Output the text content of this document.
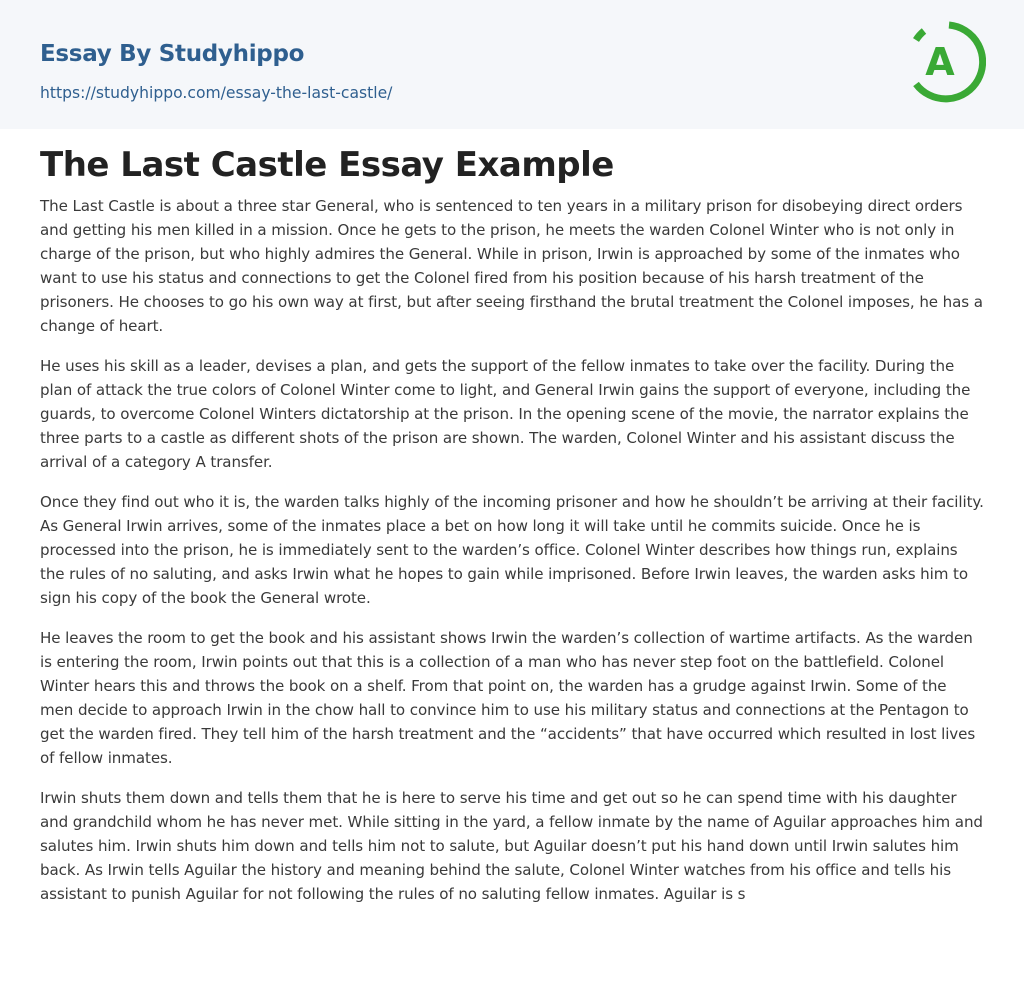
Essay By Studyhippo
https://studyhippo.com/essay-the-last-castle/
A
The Last Castle Essay Example

The Last Castle is about a three star General, who is sentenced to ten years in a military prison for disobeying direct orders and getting his men killed in a mission. Once he gets to the prison, he meets the warden Colonel Winter who is not only in charge of the prison, but who highly admires the General. While in prison, Irwin is approached by some of the inmates who want to use his status and connections to get the Colonel fired from his position because of his harsh treatment of the prisoners. He chooses to go his own way at first, but after seeing firsthand the brutal treatment the Colonel imposes, he has a change of heart.

He uses his skill as a leader, devises a plan, and gets the support of the fellow inmates to take over the facility. During the plan of attack the true colors of Colonel Winter come to light, and General Irwin gains the support of everyone, including the guards, to overcome Colonel Winters dictatorship at the prison. In the opening scene of the movie, the narrator explains the three parts to a castle as different shots of the prison are shown. The warden, Colonel Winter and his assistant discuss the arrival of a category A transfer.

Once they find out who it is, the warden talks highly of the incoming prisoner and how he shouldn’t be arriving at their facility. As General Irwin arrives, some of the inmates place a bet on how long it will take until he commits suicide. Once he is processed into the prison, he is immediately sent to the warden’s office. Colonel Winter describes how things run, explains the rules of no saluting, and asks Irwin what he hopes to gain while imprisoned. Before Irwin leaves, the warden asks him to sign his copy of the book the General wrote.

He leaves the room to get the book and his assistant shows Irwin the warden’s collection of wartime artifacts. As the warden is entering the room, Irwin points out that this is a collection of a man who has never step foot on the battlefield. Colonel Winter hears this and throws the book on a shelf. From that point on, the warden has a grudge against Irwin. Some of the men decide to approach Irwin in the chow hall to convince him to use his military status and connections at the Pentagon to get the warden fired. They tell him of the harsh treatment and the “accidents” that have occurred which resulted in lost lives of fellow inmates.

Irwin shuts them down and tells them that he is here to serve his time and get out so he can spend time with his daughter and grandchild whom he has never met. While sitting in the yard, a fellow inmate by the name of Aguilar approaches him and salutes him. Irwin shuts him down and tells him not to salute, but Aguilar doesn’t put his hand down until Irwin salutes him back. As Irwin tells Aguilar the history and meaning behind the salute, Colonel Winter watches from his office and tells his assistant to punish Aguilar for not following the rules of no saluting fellow inmates. Aguilar is s
